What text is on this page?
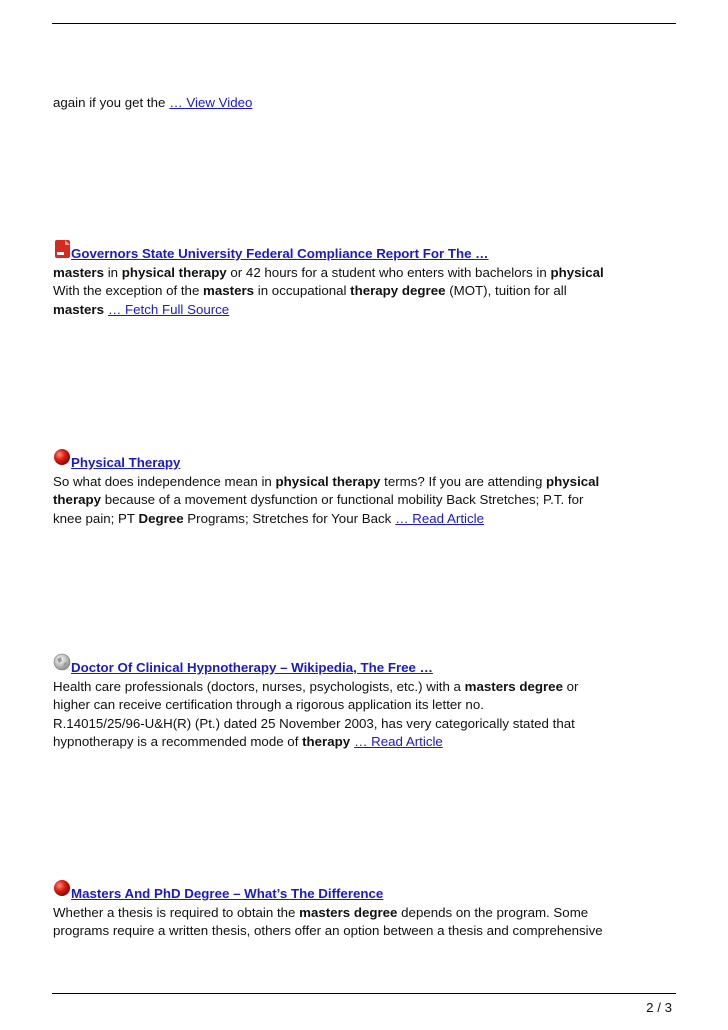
again if you get the … View Video
Governors State University Federal Compliance Report For The …
masters in physical therapy or 42 hours for a student who enters with bachelors in physical
With the exception of the masters in occupational therapy degree (MOT), tuition for all
masters … Fetch Full Source
Physical Therapy
So what does independence mean in physical therapy terms? If you are attending physical
therapy because of a movement dysfunction or functional mobility Back Stretches; P.T. for
knee pain; PT Degree Programs; Stretches for Your Back … Read Article
Doctor Of Clinical Hypnotherapy – Wikipedia, The Free …
Health care professionals (doctors, nurses, psychologists, etc.) with a masters degree or
higher can receive certification through a rigorous application its letter no.
R.14015/25/96-U&H(R) (Pt.) dated 25 November 2003, has very categorically stated that
hypnotherapy is a recommended mode of therapy … Read Article
Masters And PhD Degree – What’s The Difference
Whether a thesis is required to obtain the masters degree depends on the program. Some
programs require a written thesis, others offer an option between a thesis and comprehensive
2 / 3
